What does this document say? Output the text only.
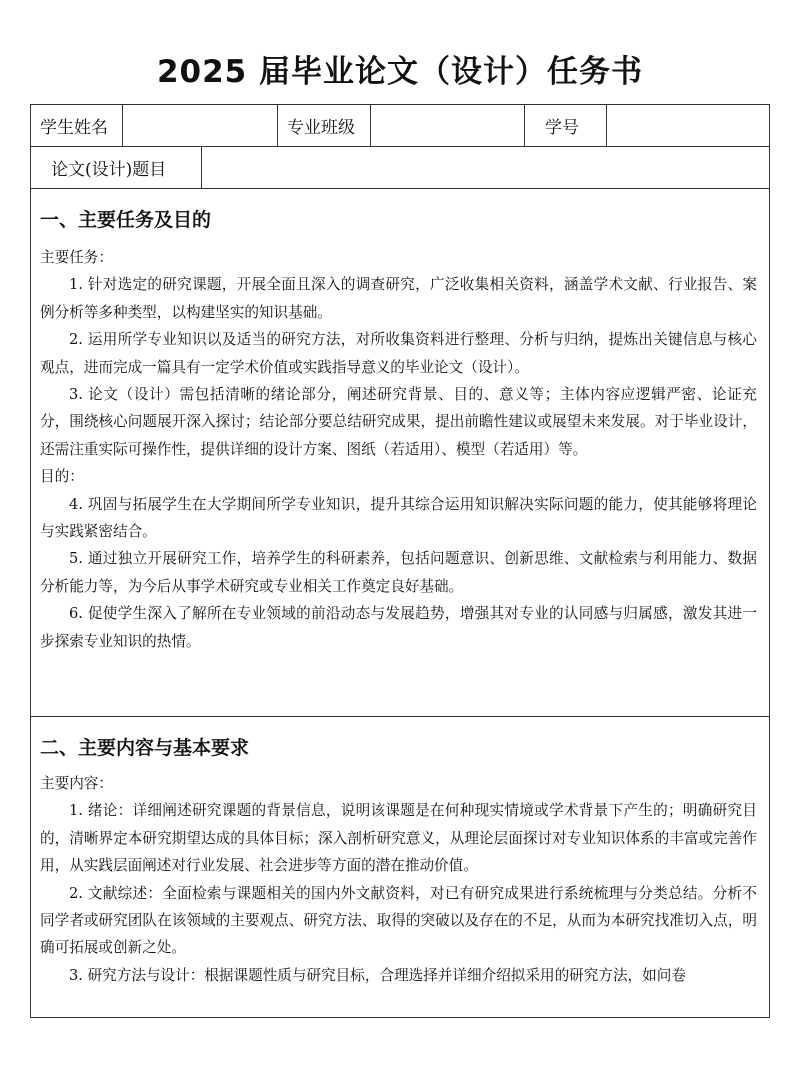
2025 届毕业论文（设计）任务书
学生姓名	专业班级	学号
论文(设计)题目
一、主要任务及目的

主要任务：

1. 针对选定的研究课题，开展全面且深入的调查研究，广泛收集相关资料，涵盖学术文献、行业报告、案例分析等多种类型，以构建坚实的知识基础。

2. 运用所学专业知识以及适当的研究方法，对所收集资料进行整理、分析与归纳，提炼出关键信息与核心观点，进而完成一篇具有一定学术价值或实践指导意义的毕业论文（设计）。

3. 论文（设计）需包括清晰的绪论部分，阐述研究背景、目的、意义等；主体内容应逻辑严密、论证充分，围绕核心问题展开深入探讨；结论部分要总结研究成果，提出前瞻性建议或展望未来发展。对于毕业设计，还需注重实际可操作性，提供详细的设计方案、图纸（若适用）、模型（若适用）等。

目的：

4. 巩固与拓展学生在大学期间所学专业知识，提升其综合运用知识解决实际问题的能力，使其能够将理论与实践紧密结合。

5. 通过独立开展研究工作，培养学生的科研素养，包括问题意识、创新思维、文献检索与利用能力、数据分析能力等，为今后从事学术研究或专业相关工作奠定良好基础。

6. 促使学生深入了解所在专业领域的前沿动态与发展趋势，增强其对专业的认同感与归属感，激发其进一步探索专业知识的热情。

二、主要内容与基本要求

主要内容：

1. 绪论：详细阐述研究课题的背景信息，说明该课题是在何种现实情境或学术背景下产生的；明确研究目的，清晰界定本研究期望达成的具体目标；深入剖析研究意义，从理论层面探讨对专业知识体系的丰富或完善作用，从实践层面阐述对行业发展、社会进步等方面的潜在推动价值。

2. 文献综述：全面检索与课题相关的国内外文献资料，对已有研究成果进行系统梳理与分类总结。分析不同学者或研究团队在该领域的主要观点、研究方法、取得的突破以及存在的不足，从而为本研究找准切入点，明确可拓展或创新之处。

3. 研究方法与设计：根据课题性质与研究目标，合理选择并详细介绍拟采用的研究方法，如问卷
